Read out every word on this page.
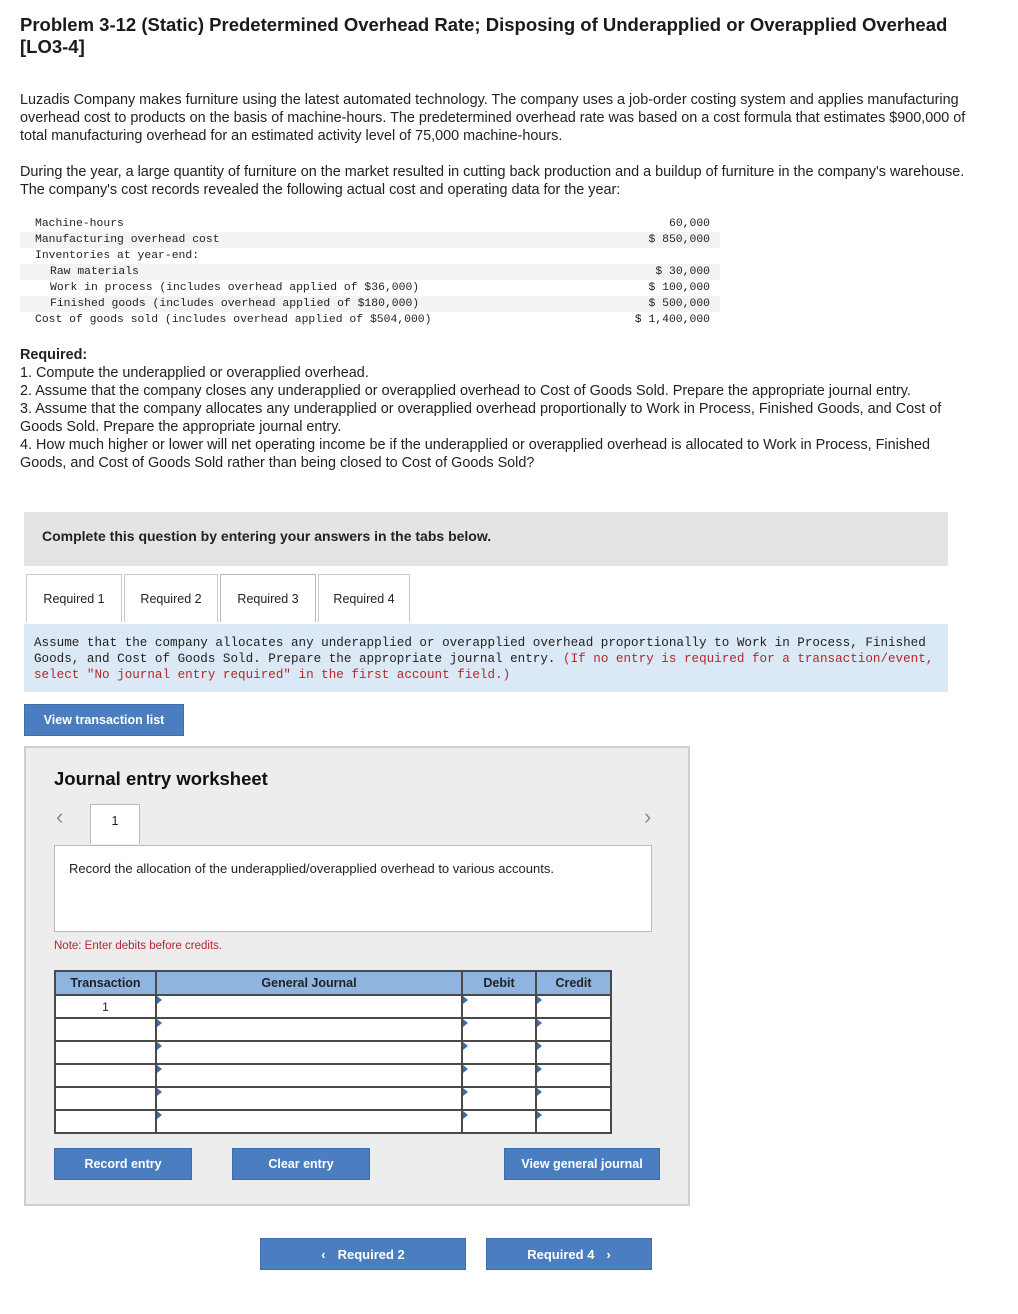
Problem 3-12 (Static) Predetermined Overhead Rate; Disposing of Underapplied or Overapplied Overhead [LO3-4]
Luzadis Company makes furniture using the latest automated technology. The company uses a job-order costing system and applies manufacturing overhead cost to products on the basis of machine-hours. The predetermined overhead rate was based on a cost formula that estimates $900,000 of total manufacturing overhead for an estimated activity level of 75,000 machine-hours.
During the year, a large quantity of furniture on the market resulted in cutting back production and a buildup of furniture in the company's warehouse. The company's cost records revealed the following actual cost and operating data for the year:
Machine-hours	60,000
Manufacturing overhead cost	$ 850,000
Inventories at year-end:
Raw materials	$ 30,000
Work in process (includes overhead applied of $36,000)	$ 100,000
Finished goods (includes overhead applied of $180,000)	$ 500,000
Cost of goods sold (includes overhead applied of $504,000)	$ 1,400,000
Required:
1. Compute the underapplied or overapplied overhead.
2. Assume that the company closes any underapplied or overapplied overhead to Cost of Goods Sold. Prepare the appropriate journal entry.
3. Assume that the company allocates any underapplied or overapplied overhead proportionally to Work in Process, Finished Goods, and Cost of Goods Sold. Prepare the appropriate journal entry.
4. How much higher or lower will net operating income be if the underapplied or overapplied overhead is allocated to Work in Process, Finished Goods, and Cost of Goods Sold rather than being closed to Cost of Goods Sold?
Complete this question by entering your answers in the tabs below.
Required 1	Required 2	Required 3	Required 4
Assume that the company allocates any underapplied or overapplied overhead proportionally to Work in Process, Finished Goods, and Cost of Goods Sold. Prepare the appropriate journal entry. (If no entry is required for a transaction/event, select "No journal entry required" in the first account field.)
View transaction list
Journal entry worksheet
‹	1	›
Record the allocation of the underapplied/overapplied overhead to various accounts.
Note: Enter debits before credits.
Transaction	General Journal	Debit	Credit
1			

Record entry	Clear entry	View general journal
‹ Required 2	Required 4 ›
